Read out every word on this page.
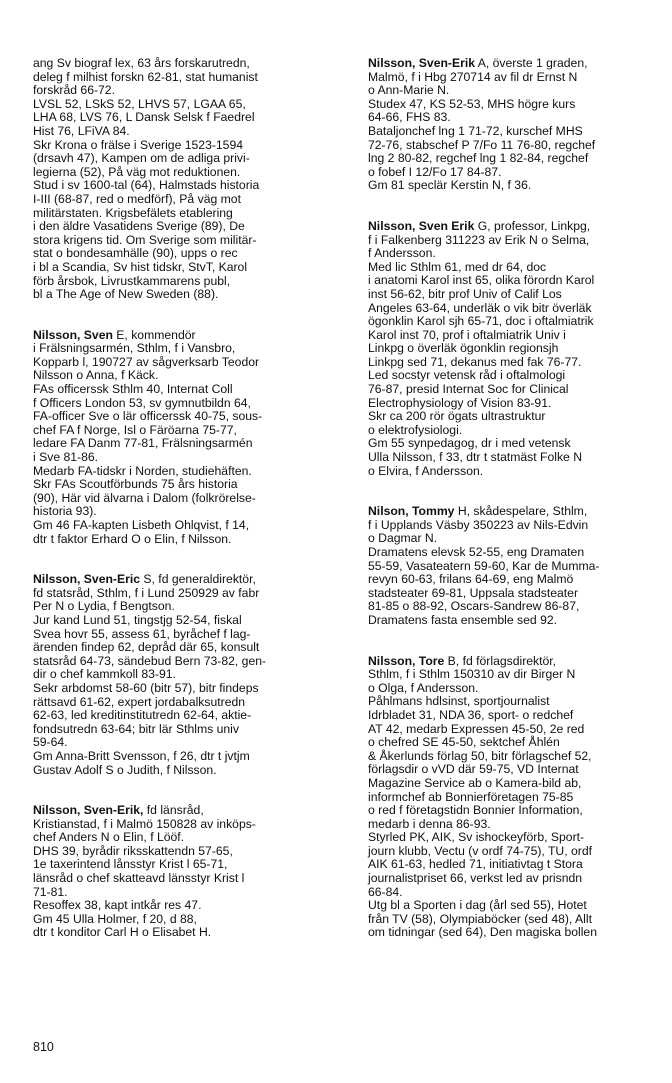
ang Sv biograf lex, 63 års forskarutredn,
deleg f milhist forskn 62-81, stat humanist
forskråd 66-72.
LVSL 52, LSkS 52, LHVS 57, LGAA 65,
LHA 68, LVS 76, L Dansk Selsk f Faedrel
Hist 76, LFiVA 84.
Skr Krona o frälse i Sverige 1523-1594
(drsavh 47), Kampen om de adliga privi-
legierna (52), På väg mot reduktionen.
Stud i sv 1600-tal (64), Halmstads historia
I-III (68-87, red o medförf), På väg mot
militärstaten. Krigsbefälets etablering
i den äldre Vasatidens Sverige (89), De
stora krigens tid. Om Sverige som militär-
stat o bondesamhälle (90), upps o rec
i bl a Scandia, Sv hist tidskr, StvT, Karol
förb årsbok, Livrustkammarens publ,
bl a The Age of New Sweden (88).
Nilsson, Sven E, kommendör
i Frälsningsarmén, Sthlm, f i Vansbro,
Kopparb l, 190727 av sågverksarb Teodor
Nilsson o Anna, f Käck.
FAs officerssk Sthlm 40, Internat Coll
f Officers London 53, sv gymnutbildn 64,
FA-officer Sve o lär officerssk 40-75, sous-
chef FA f Norge, Isl o Färöarna 75-77,
ledare FA Danm 77-81, Frälsningsarmén
i Sve 81-86.
Medarb FA-tidskr i Norden, studiehäften.
Skr FAs Scoutförbunds 75 års historia
(90), Här vid älvarna i Dalom (folkrörelse-
historia 93).
Gm 46 FA-kapten Lisbeth Ohlqvist, f 14,
dtr t faktor Erhard O o Elin, f Nilsson.
Nilsson, Sven-Eric S, fd generaldirektör,
fd statsråd, Sthlm, f i Lund 250929 av fabr
Per N o Lydia, f Bengtson.
Jur kand Lund 51, tingstjg 52-54, fiskal
Svea hovr 55, assess 61, byråchef f lag-
ärenden findep 62, depråd där 65, konsult
statsråd 64-73, sändebud Bern 73-82, gen-
dir o chef kammkoll 83-91.
Sekr arbdomst 58-60 (bitr 57), bitr findeps
rättsavd 61-62, expert jordabalksutredn
62-63, led kreditinstitutredn 62-64, aktie-
fondsutredn 63-64; bitr lär Sthlms univ
59-64.
Gm Anna-Britt Svensson, f 26, dtr t jvtjm
Gustav Adolf S o Judith, f Nilsson.
Nilsson, Sven-Erik, fd länsråd,
Kristianstad, f i Malmö 150828 av inköps-
chef Anders N o Elin, f Lööf.
DHS 39, byrådir riksskattendn 57-65,
1e taxerintend lånsstyr Krist l 65-71,
länsråd o chef skatteavd länsstyr Krist l
71-81.
Resoffex 38, kapt intkår res 47.
Gm 45 Ulla Holmer, f 20, d 88,
dtr t konditor Carl H o Elisabet H.
Nilsson, Sven-Erik A, överste 1 graden,
Malmö, f i Hbg 270714 av fil dr Ernst N
o Ann-Marie N.
Studex 47, KS 52-53, MHS högre kurs
64-66, FHS 83.
Bataljonchef lng 1 71-72, kurschef MHS
72-76, stabschef P 7/Fo 11 76-80, regchef
lng 2 80-82, regchef lng 1 82-84, regchef
o fobef I 12/Fo 17 84-87.
Gm 81 speclär Kerstin N, f 36.
Nilsson, Sven Erik G, professor, Linkpg,
f i Falkenberg 311223 av Erik N o Selma,
f Andersson.
Med lic Sthlm 61, med dr 64, doc
i anatomi Karol inst 65, olika förordn Karol
inst 56-62, bitr prof Univ of Calif Los
Angeles 63-64, underläk o vik bitr överläk
ögonklin Karol sjh 65-71, doc i oftalmiatrik
Karol inst 70, prof i oftalmiatrik Univ i
Linkpg o överläk ögonklin regionsjh
Linkpg sed 71, dekanus med fak 76-77.
Led socstyr vetensk råd i oftalmologi
76-87, presid Internat Soc for Clinical
Electrophysiology of Vision 83-91.
Skr ca 200 rör ögats ultrastruktur
o elektrofysiologi.
Gm 55 synpedagog, dr i med vetensk
Ulla Nilsson, f 33, dtr t statmäst Folke N
o Elvira, f Andersson.
Nilson, Tommy H, skådespelare, Sthlm,
f i Upplands Väsby 350223 av Nils-Edvin
o Dagmar N.
Dramatens elevsk 52-55, eng Dramaten
55-59, Vasateatern 59-60, Kar de Mumma-
revyn 60-63, frilans 64-69, eng Malmö
stadsteater 69-81, Uppsala stadsteater
81-85 o 88-92, Oscars-Sandrew 86-87,
Dramatens fasta ensemble sed 92.
Nilsson, Tore B, fd förlagsdirektör,
Sthlm, f i Sthlm 150310 av dir Birger N
o Olga, f Andersson.
Påhlmans hdlsinst, sportjournalist
Idrbladet 31, NDA 36, sport- o redchef
AT 42, medarb Expressen 45-50, 2e red
o chefred SE 45-50, sektchef Åhlén
& Åkerlunds förlag 50, bitr förlagschef 52,
förlagsdir o vVD där 59-75, VD Internat
Magazine Service ab o Kamera-bild ab,
informchef ab Bonnierföretagen 75-85
o red f företagstidn Bonnier Information,
medarb i denna 86-93.
Styrled PK, AIK, Sv ishockeyförb, Sport-
journ klubb, Vectu (v ordf 74-75), TU, ordf
AIK 61-63, hedled 71, initiativtag t Stora
journalistpriset 66, verkst led av prisndn
66-84.
Utg bl a Sporten i dag (årl sed 55), Hotet
från TV (58), Olympiaböcker (sed 48), Allt
om tidningar (sed 64), Den magiska bollen
810
